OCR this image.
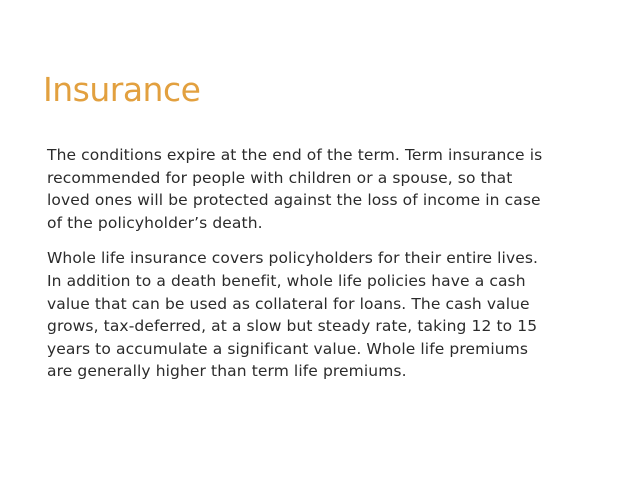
Insurance

The conditions expire at the end of the term. Term insurance is
recommended for people with children or a spouse, so that
loved ones will be protected against the loss of income in case
of the policyholder’s death.

Whole life insurance covers policyholders for their entire lives.
In addition to a death benefit, whole life policies have a cash
value that can be used as collateral for loans. The cash value
grows, tax-deferred, at a slow but steady rate, taking 12 to 15
years to accumulate a significant value. Whole life premiums
are generally higher than term life premiums.
